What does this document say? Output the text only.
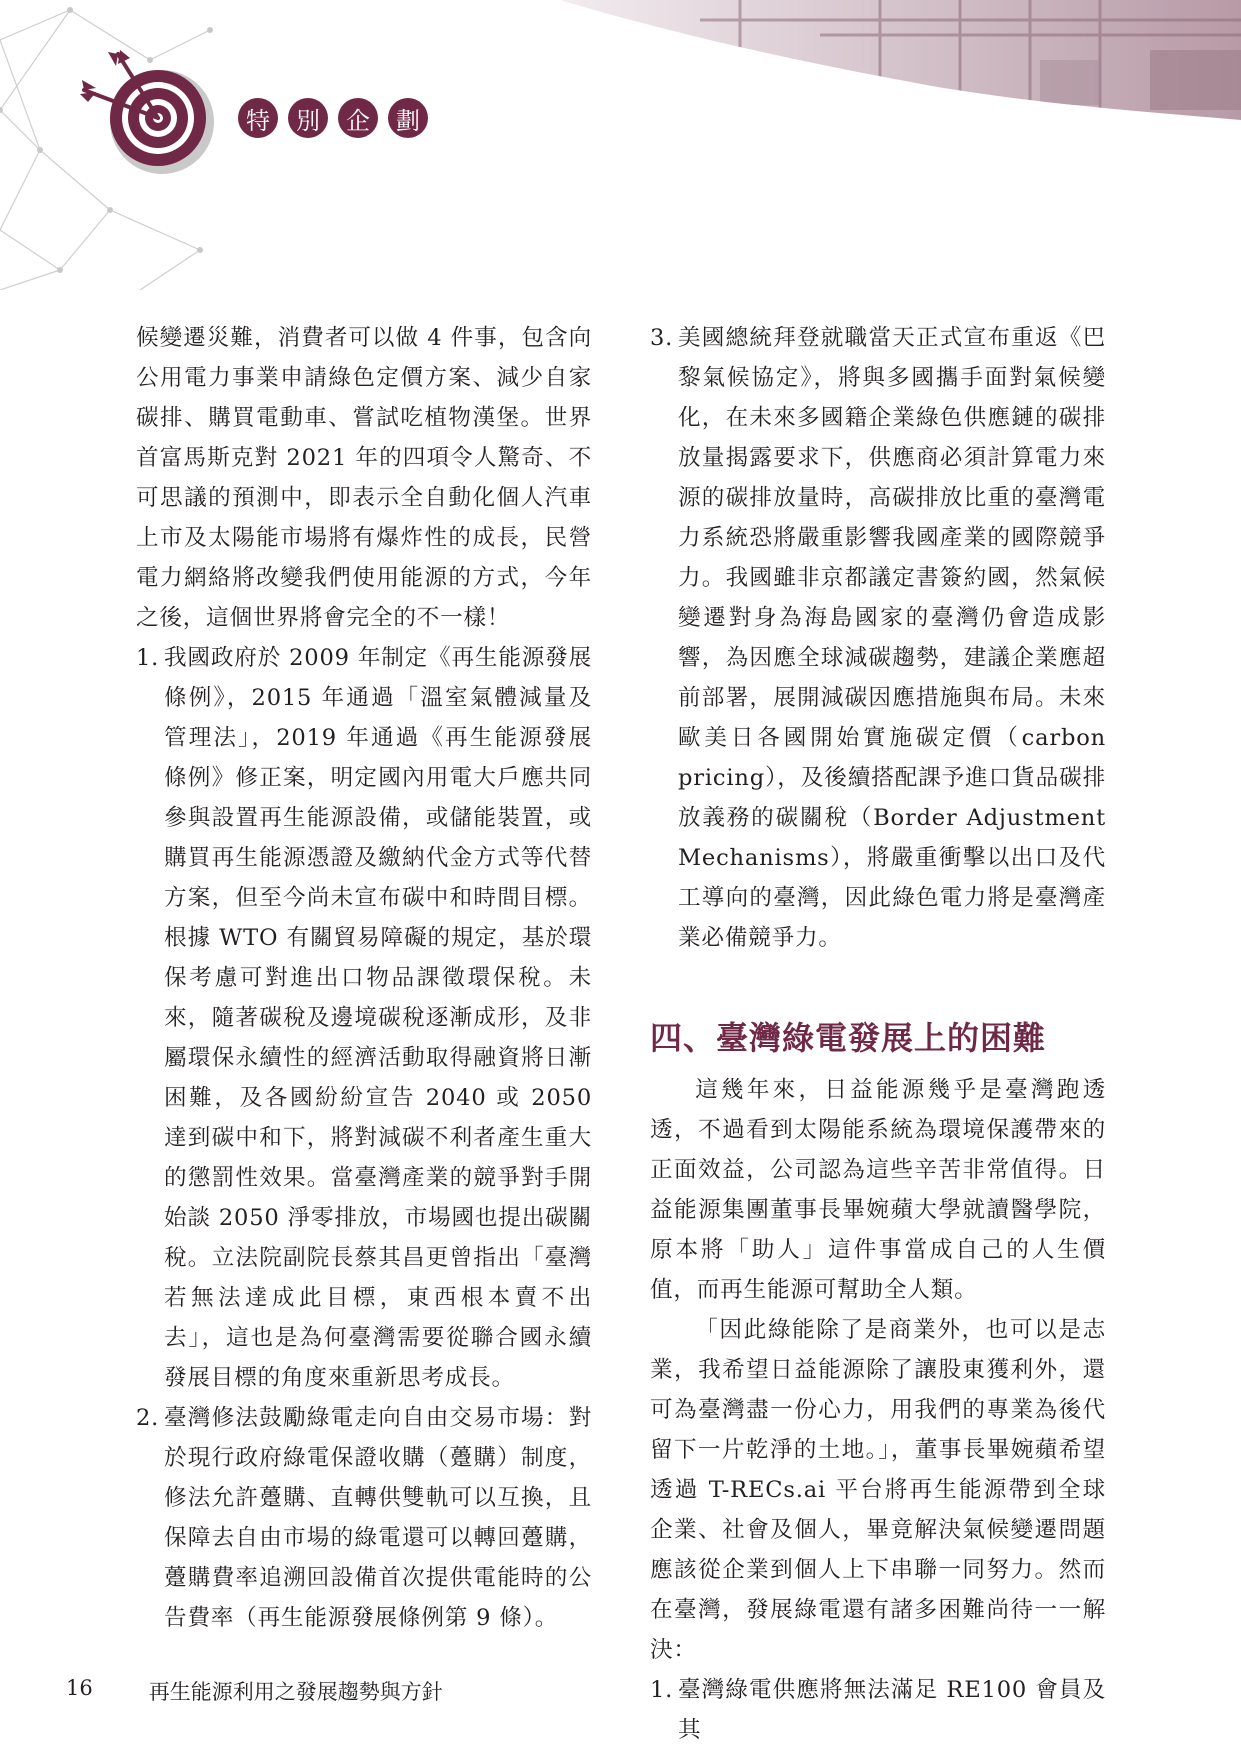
特	別	企	劃

候變遷災難，消費者可以做 4 件事，包含向公用電力事業申請綠色定價方案、減少自家碳排、購買電動車、嘗試吃植物漢堡。世界首富馬斯克對 2021 年的四項令人驚奇、不可思議的預測中，即表示全自動化個人汽車上市及太陽能市場將有爆炸性的成長，民營電力網絡將改變我們使用能源的方式，今年之後，這個世界將會完全的不一樣！

1. 我國政府於 2009 年制定《再生能源發展條例》，2015 年通過「溫室氣體減量及管理法」，2019 年通過《再生能源發展條例》修正案，明定國內用電大戶應共同參與設置再生能源設備，或儲能裝置，或購買再生能源憑證及繳納代金方式等代替方案，但至今尚未宣布碳中和時間目標。根據 WTO 有關貿易障礙的規定，基於環保考慮可對進出口物品課徵環保稅。未來，隨著碳稅及邊境碳稅逐漸成形，及非屬環保永續性的經濟活動取得融資將日漸困難，及各國紛紛宣告 2040 或 2050 達到碳中和下，將對減碳不利者產生重大的懲罰性效果。當臺灣產業的競爭對手開始談 2050 淨零排放，市場國也提出碳關稅。立法院副院長蔡其昌更曾指出「臺灣若無法達成此目標，東西根本賣不出去」，這也是為何臺灣需要從聯合國永續發展目標的角度來重新思考成長。

2. 臺灣修法鼓勵綠電走向自由交易市場：對於現行政府綠電保證收購（躉購）制度，修法允許躉購、直轉供雙軌可以互換，且保障去自由市場的綠電還可以轉回躉購，躉購費率追溯回設備首次提供電能時的公告費率（再生能源發展條例第 9 條）。

3. 美國總統拜登就職當天正式宣布重返《巴黎氣候協定》，將與多國攜手面對氣候變化，在未來多國籍企業綠色供應鏈的碳排放量揭露要求下，供應商必須計算電力來源的碳排放量時，高碳排放比重的臺灣電力系統恐將嚴重影響我國產業的國際競爭力。我國雖非京都議定書簽約國，然氣候變遷對身為海島國家的臺灣仍會造成影響，為因應全球減碳趨勢，建議企業應超前部署，展開減碳因應措施與布局。未來歐美日各國開始實施碳定價（carbon pricing），及後續搭配課予進口貨品碳排放義務的碳關稅（Border Adjustment Mechanisms），將嚴重衝擊以出口及代工導向的臺灣，因此綠色電力將是臺灣產業必備競爭力。

四、臺灣綠電發展上的困難

這幾年來，日益能源幾乎是臺灣跑透透，不過看到太陽能系統為環境保護帶來的正面效益，公司認為這些辛苦非常值得。日益能源集團董事長畢婉蘋大學就讀醫學院，原本將「助人」這件事當成自己的人生價值，而再生能源可幫助全人類。

「因此綠能除了是商業外，也可以是志業，我希望日益能源除了讓股東獲利外，還可為臺灣盡一份心力，用我們的專業為後代留下一片乾淨的土地。」，董事長畢婉蘋希望透過 T-RECs.ai 平台將再生能源帶到全球企業、社會及個人，畢竟解決氣候變遷問題應該從企業到個人上下串聯一同努力。然而在臺灣，發展綠電還有諸多困難尚待一一解決：

1. 臺灣綠電供應將無法滿足 RE100 會員及其

16	再生能源利用之發展趨勢與方針
